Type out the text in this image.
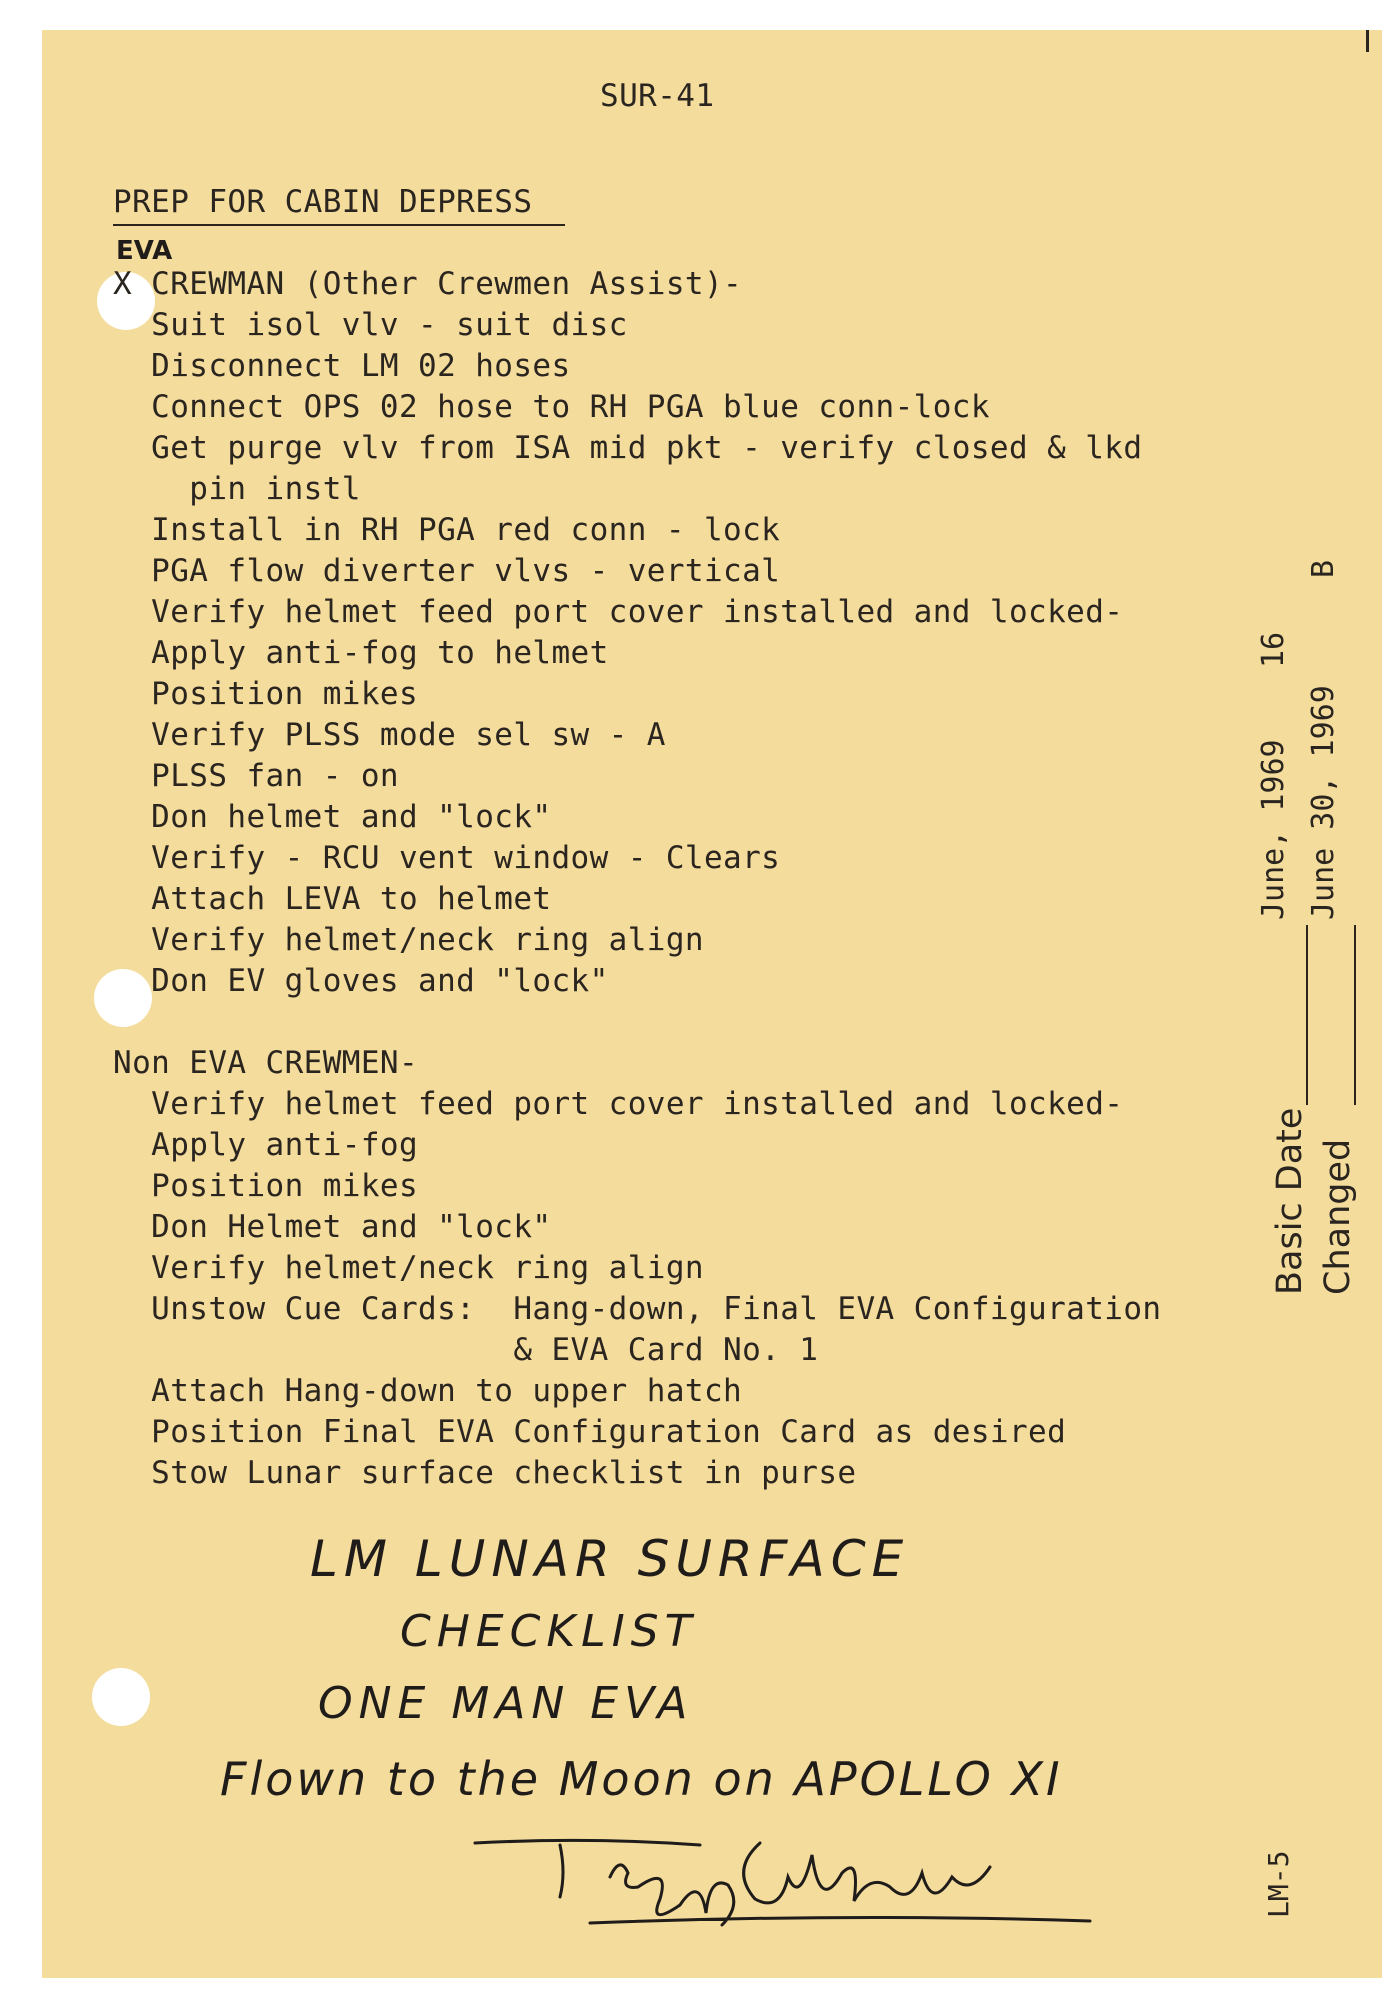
SUR-41
PREP FOR CABIN DEPRESS
EVA
X CREWMAN (Other Crewmen Assist)-
Suit isol vlv - suit disc
Disconnect LM 02 hoses
Connect OPS 02 hose to RH PGA blue conn-lock
Get purge vlv from ISA mid pkt - verify closed & lkd
pin instl
Install in RH PGA red conn - lock
PGA flow diverter vlvs - vertical
Verify helmet feed port cover installed and locked-
Apply anti-fog to helmet
Position mikes
Verify PLSS mode sel sw - A
PLSS fan - on
Don helmet and "lock"
Verify - RCU vent window - Clears
Attach LEVA to helmet
Verify helmet/neck ring align
Don EV gloves and "lock"
Non EVA CREWMEN-
Verify helmet feed port cover installed and locked-
Apply anti-fog
Position mikes
Don Helmet and "lock"
Verify helmet/neck ring align
Unstow Cue Cards:  Hang-down, Final EVA Configuration
& EVA Card No. 1
Attach Hang-down to upper hatch
Position Final EVA Configuration Card as desired
Stow Lunar surface checklist in purse
LM LUNAR SURFACE
CHECKLIST
ONE MAN EVA
Flown to the Moon on APOLLO XI
Basic Date Changed
June, 1969 June 30, 1969
16
B
LM-5
